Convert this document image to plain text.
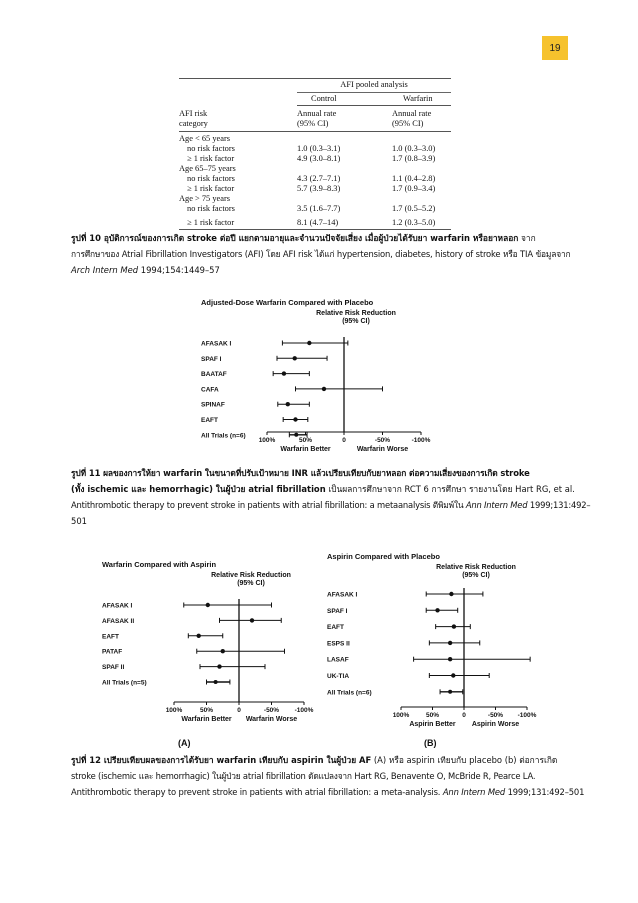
19
AFI pooled analysis
Control	Warfarin
AFI risk
category
Annual rate
(95% CI)
Annual rate
(95% CI)
Age < 65 years
no risk factors	1.0 (0.3–3.1)	1.0 (0.3–3.0)
≥ 1 risk factor	4.9 (3.0–8.1)	1.7 (0.8–3.9)
Age 65–75 years
no risk factors	4.3 (2.7–7.1)	1.1 (0.4–2.8)
≥ 1 risk factor	5.7 (3.9–8.3)	1.7 (0.9–3.4)
Age > 75 years
no risk factors	3.5 (1.6–7.7)	1.7 (0.5–5.2)
≥ 1 risk factor	8.1 (4.7–14)	1.2 (0.3–5.0)
รูปที่ 10 อุบัติการณ์ของการเกิด stroke ต่อปี แยกตามอายุและจำนวนปัจจัยเสี่ยง เมื่อผู้ป่วยได้รับยา warfarin หรือยาหลอก จาก
การศึกษาของ Atrial Fibrillation Investigators (AFI) โดย AFI risk ได้แก่ hypertension, diabetes, history of stroke หรือ TIA ข้อมูลจาก
Arch Intern Med 1994;154:1449–57
Adjusted-Dose Warfarin Compared with Placebo
Relative Risk Reduction
(95% CI)
100%	50%	0	-50%	-100%
Warfarin Better	Warfarin Worse
AFASAK I
SPAF I
BAATAF
CAFA
SPINAF
EAFT
All Trials (n=6)
รูปที่ 11 ผลของการให้ยา warfarin ในขนาดที่ปรับเป้าหมาย INR แล้วเปรียบเทียบกับยาหลอก ต่อความเสี่ยงของการเกิด stroke
(ทั้ง ischemic และ hemorrhagic) ในผู้ป่วย atrial fibrillation เป็นผลการศึกษาจาก RCT 6 การศึกษา รายงานโดย Hart RG, et al.
Antithrombotic therapy to prevent stroke in patients with atrial fibrillation: a metaanalysis ตีพิมพ์ใน Ann Intern Med 1999;131:492–
501
Warfarin Compared with Aspirin
Relative Risk Reduction
(95% CI)
100%	50%	0	-50% -100%
Warfarin Better Warfarin Worse
AFASAK I
AFASAK II
EAFT
PATAF
SPAF II
All Trials (n=5)
Aspirin Compared with Placebo
Relative Risk Reduction
(95% CI)
100%	50%	0	-50% -100%
Aspirin Better Aspirin Worse
AFASAK I
SPAF I
EAFT
ESPS II
LASAF
UK-TIA
All Trials (n=6)
(A)	(B)
รูปที่ 12 เปรียบเทียบผลของการได้รับยา warfarin เทียบกับ aspirin ในผู้ป่วย AF (A) หรือ aspirin เทียบกับ placebo (b) ต่อการเกิด
stroke (ischemic และ hemorrhagic) ในผู้ป่วย atrial fibrillation ดัดแปลงจาก Hart RG, Benavente O, McBride R, Pearce LA.
Antithrombotic therapy to prevent stroke in patients with atrial fibrillation: a meta-analysis. Ann Intern Med 1999;131:492–501
